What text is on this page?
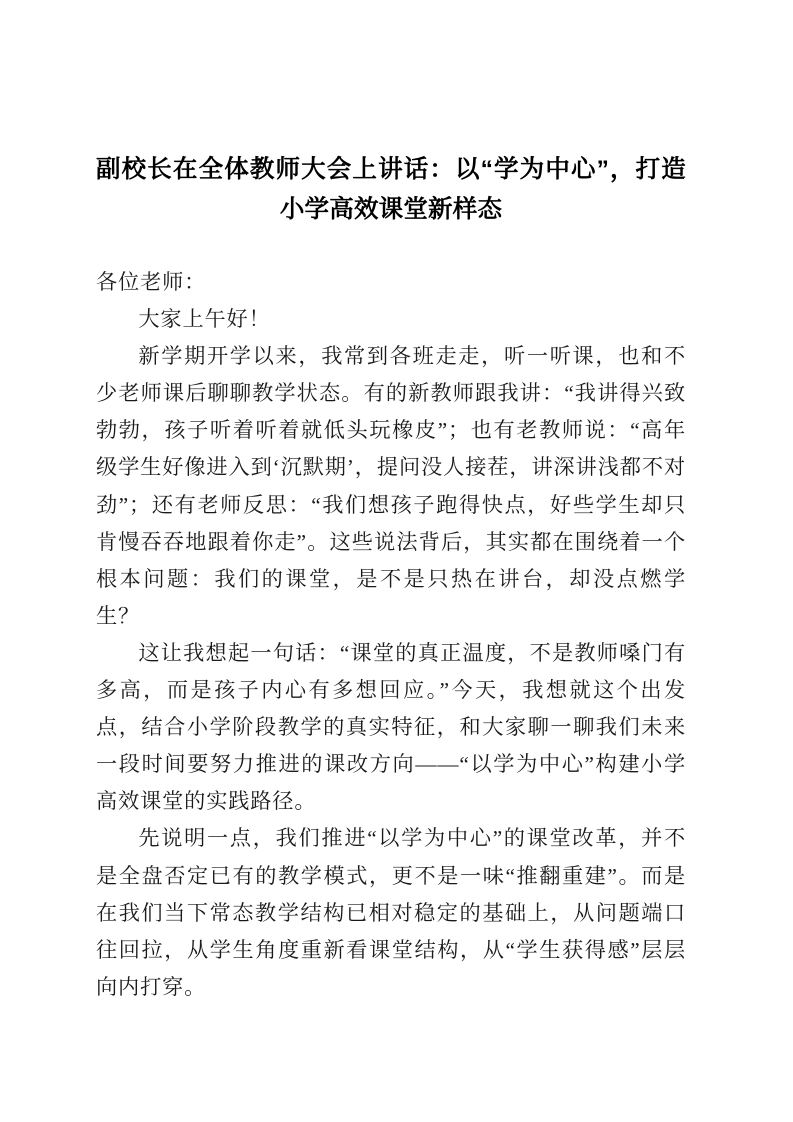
副校长在全体教师大会上讲话：以“学为中心”，打造
小学高效课堂新样态

各位老师：

大家上午好！

新学期开学以来，我常到各班走走，听一听课，也和不少老师课后聊聊教学状态。有的新教师跟我讲：“我讲得兴致勃勃，孩子听着听着就低头玩橡皮”；也有老教师说：“高年级学生好像进入到‘沉默期’，提问没人接茬，讲深讲浅都不对劲”；还有老师反思：“我们想孩子跑得快点，好些学生却只肯慢吞吞地跟着你走”。这些说法背后，其实都在围绕着一个根本问题：我们的课堂，是不是只热在讲台，却没点燃学生？

这让我想起一句话：“课堂的真正温度，不是教师嗓门有多高，而是孩子内心有多想回应。”今天，我想就这个出发点，结合小学阶段教学的真实特征，和大家聊一聊我们未来一段时间要努力推进的课改方向——“以学为中心”构建小学高效课堂的实践路径。

先说明一点，我们推进“以学为中心”的课堂改革，并不是全盘否定已有的教学模式，更不是一味“推翻重建”。而是在我们当下常态教学结构已相对稳定的基础上，从问题端口往回拉，从学生角度重新看课堂结构，从“学生获得感”层层向内打穿。
